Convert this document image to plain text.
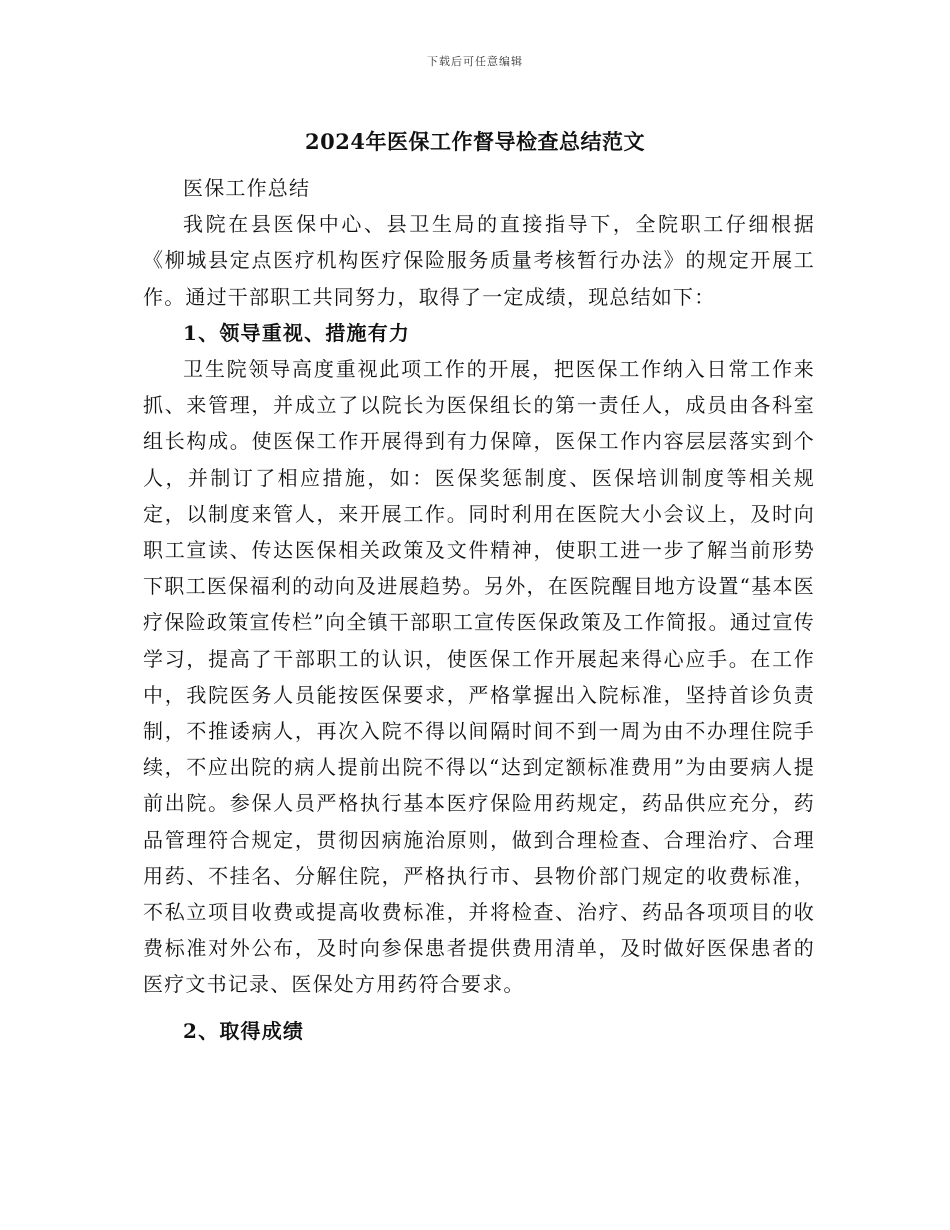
下载后可任意编辑
2024年医保工作督导检查总结范文

医保工作总结

我院在县医保中心、县卫生局的直接指导下，全院职工仔细根据《柳城县定点医疗机构医疗保险服务质量考核暂行办法》的规定开展工作。通过干部职工共同努力，取得了一定成绩，现总结如下：

1、领导重视、措施有力

卫生院领导高度重视此项工作的开展，把医保工作纳入日常工作来抓、来管理，并成立了以院长为医保组长的第一责任人，成员由各科室组长构成。使医保工作开展得到有力保障，医保工作内容层层落实到个人，并制订了相应措施，如：医保奖惩制度、医保培训制度等相关规定，以制度来管人，来开展工作。同时利用在医院大小会议上，及时向职工宣读、传达医保相关政策及文件精神，使职工进一步了解当前形势下职工医保福利的动向及进展趋势。另外，在医院醒目地方设置“基本医疗保险政策宣传栏”向全镇干部职工宣传医保政策及工作简报。通过宣传学习，提高了干部职工的认识，使医保工作开展起来得心应手。在工作中，我院医务人员能按医保要求，严格掌握出入院标准，坚持首诊负责制，不推诿病人，再次入院不得以间隔时间不到一周为由不办理住院手续，不应出院的病人提前出院不得以“达到定额标准费用”为由要病人提前出院。参保人员严格执行基本医疗保险用药规定，药品供应充分，药品管理符合规定，贯彻因病施治原则，做到合理检查、合理治疗、合理用药、不挂名、分解住院，严格执行市、县物价部门规定的收费标准，不私立项目收费或提高收费标准，并将检查、治疗、药品各项项目的收费标准对外公布，及时向参保患者提供费用清单，及时做好医保患者的医疗文书记录、医保处方用药符合要求。

2、取得成绩
